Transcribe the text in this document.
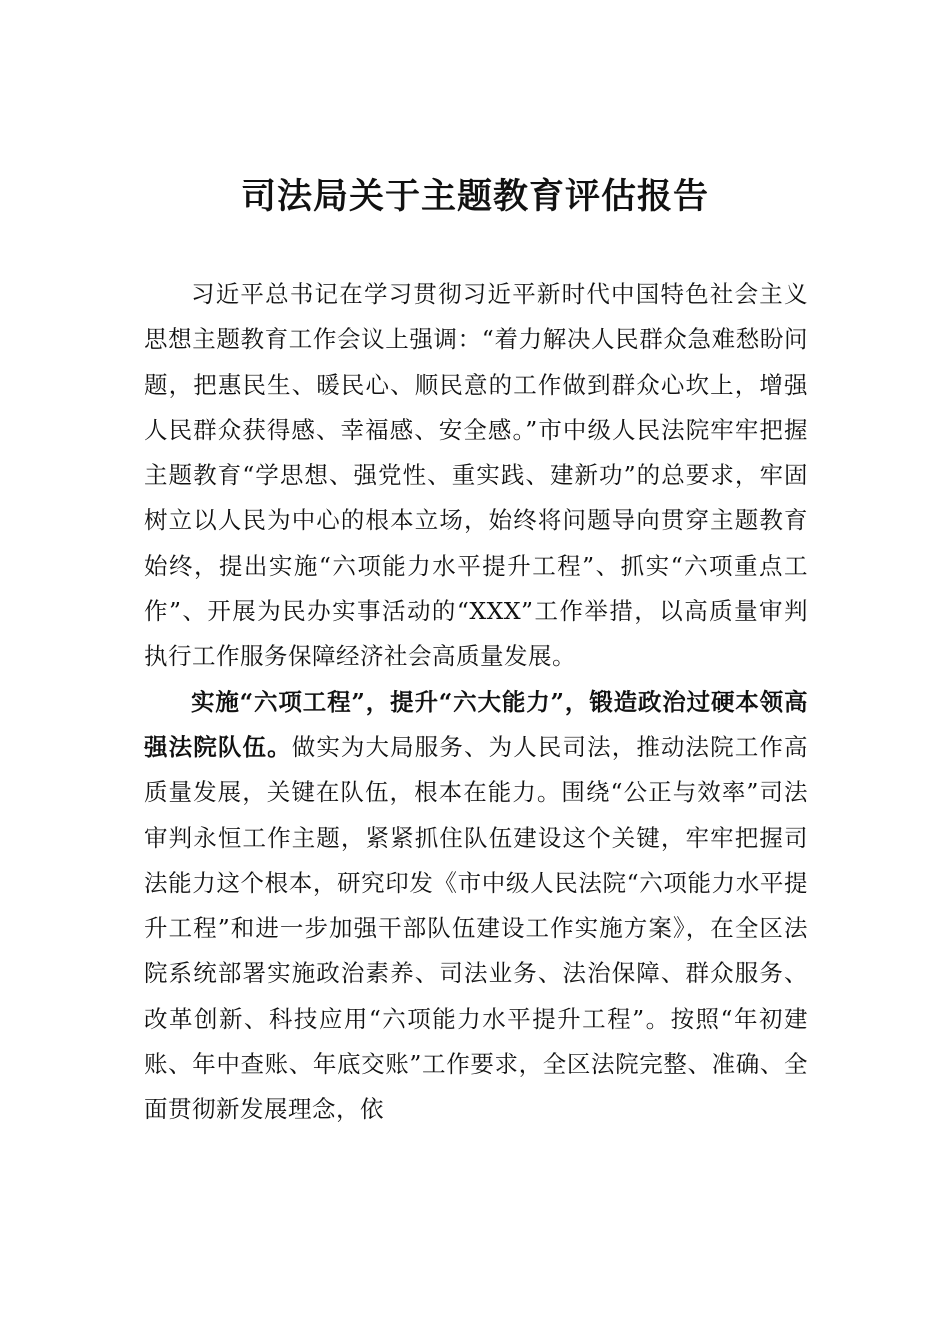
司法局关于主题教育评估报告

习近平总书记在学习贯彻习近平新时代中国特色社会主义思想主题教育工作会议上强调：“着力解决人民群众急难愁盼问题，把惠民生、暖民心、顺民意的工作做到群众心坎上，增强人民群众获得感、幸福感、安全感。”市中级人民法院牢牢把握主题教育“学思想、强党性、重实践、建新功”的总要求，牢固树立以人民为中心的根本立场，始终将问题导向贯穿主题教育始终，提出实施“六项能力水平提升工程”、抓实“六项重点工作”、开展为民办实事活动的“XXX”工作举措，以高质量审判执行工作服务保障经济社会高质量发展。

实施“六项工程”，提升“六大能力”，锻造政治过硬本领高强法院队伍。做实为大局服务、为人民司法，推动法院工作高质量发展，关键在队伍，根本在能力。围绕“公正与效率”司法审判永恒工作主题，紧紧抓住队伍建设这个关键，牢牢把握司法能力这个根本，研究印发《市中级人民法院“六项能力水平提升工程”和进一步加强干部队伍建设工作实施方案》，在全区法院系统部署实施政治素养、司法业务、法治保障、群众服务、改革创新、科技应用“六项能力水平提升工程”。按照“年初建账、年中查账、年底交账”工作要求，全区法院完整、准确、全面贯彻新发展理念，依
